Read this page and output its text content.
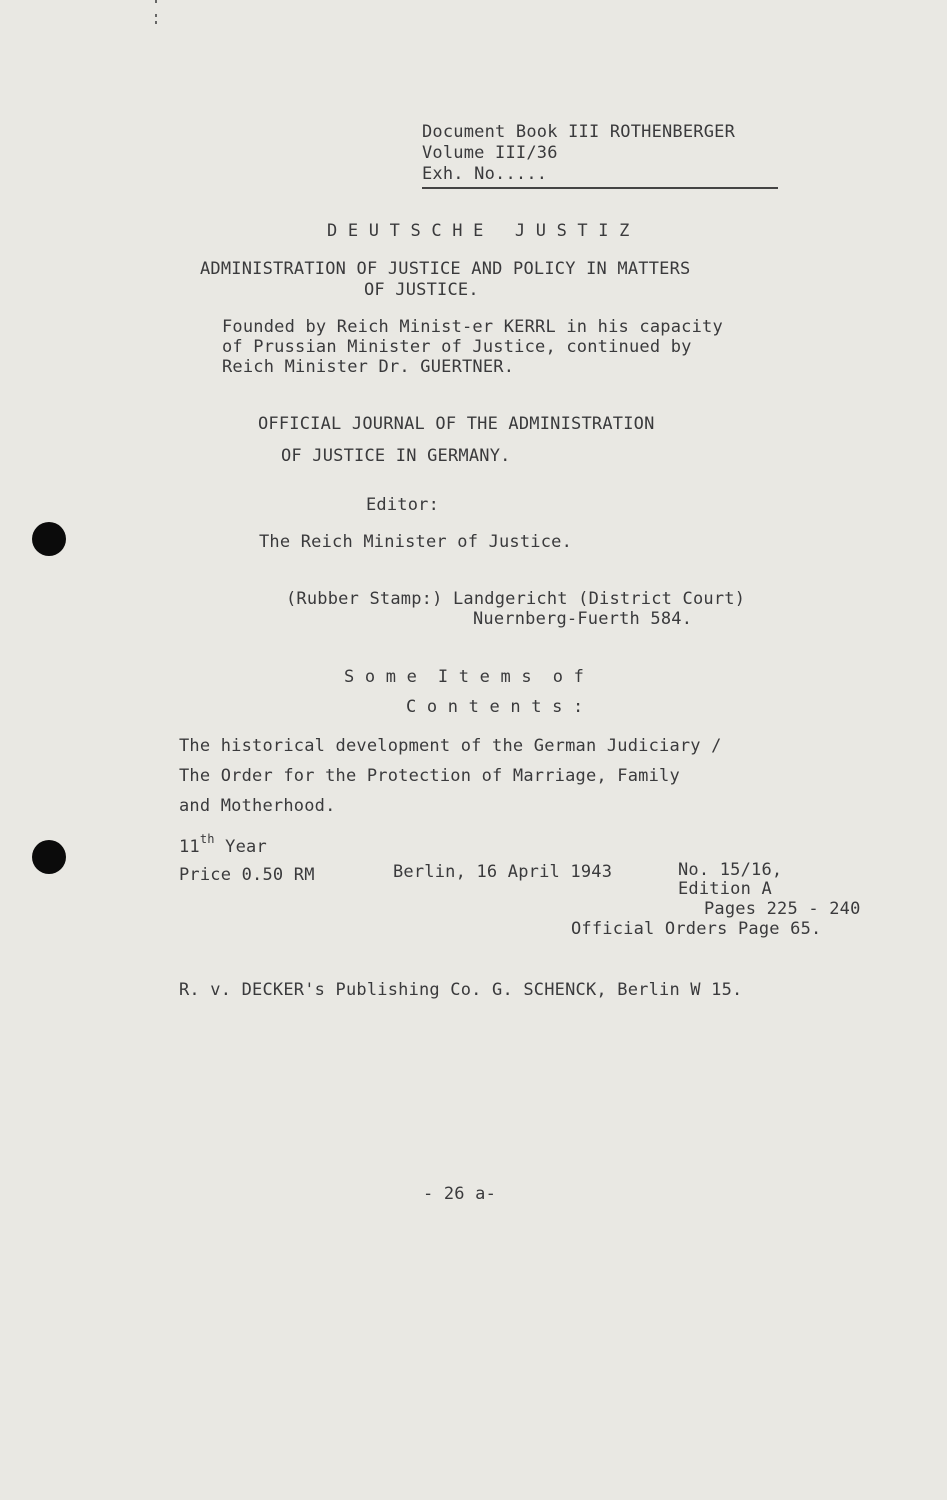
Document Book III ROTHENBERGER
Volume III/36
Exh. No.....
D E U T S C H E   J U S T I Z
ADMINISTRATION OF JUSTICE AND POLICY IN MATTERS
OF JUSTICE.
Founded by Reich Minist-er KERRL in his capacity
of Prussian Minister of Justice, continued by
Reich Minister Dr. GUERTNER.
OFFICIAL JOURNAL OF THE ADMINISTRATION
OF JUSTICE IN GERMANY.
Editor:
The Reich Minister of Justice.
(Rubber Stamp:) Landgericht (District Court)
Nuernberg-Fuerth 584.
S o m e  I t e m s  o f
C o n t e n t s :
The historical development of the German Judiciary /
The Order for the Protection of Marriage, Family
and Motherhood.
11th Year
Price 0.50 RM	Berlin, 16 April 1943	No. 15/16,
Edition A
Pages 225 - 240
Official Orders Page 65.
R. v. DECKER's Publishing Co. G. SCHENCK, Berlin W 15.
- 26 a-
